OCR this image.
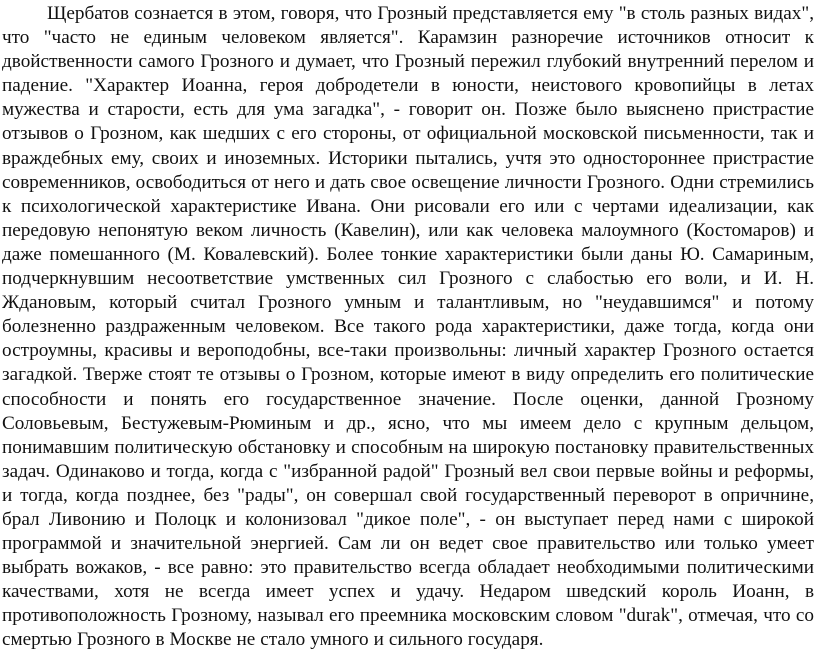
Щербатов сознается в этом, говоря, что Грозный представляется ему "в столь разных видах", что "часто не единым человеком является". Карамзин разноречие источников относит к двойственности самого Грозного и думает, что Грозный пережил глубокий внутренний перелом и падение. "Характер Иоанна, героя добродетели в юности, неистового кровопийцы в летах мужества и старости, есть для ума загадка", - говорит он. Позже было выяснено пристрастие отзывов о Грозном, как шедших с его стороны, от официальной московской письменности, так и враждебных ему, своих и иноземных. Историки пытались, учтя это одностороннее пристрастие современников, освободиться от него и дать свое освещение личности Грозного. Одни стремились к психологической характеристике Ивана. Они рисовали его или с чертами идеализации, как передовую непонятую веком личность (Кавелин), или как человека малоумного (Костомаров) и даже помешанного (М. Ковалевский). Более тонкие характеристики были даны Ю. Самариным, подчеркнувшим несоответствие умственных сил Грозного с слабостью его воли, и И. Н. Ждановым, который считал Грозного умным и талантливым, но "неудавшимся" и потому болезненно раздраженным человеком. Все такого рода характеристики, даже тогда, когда они остроумны, красивы и вероподобны, все-таки произвольны: личный характер Грозного остается загадкой. Тверже стоят те отзывы о Грозном, которые имеют в виду определить его политические способности и понять его государственное значение. После оценки, данной Грозному Соловьевым, Бестужевым-Рюминым и др., ясно, что мы имеем дело с крупным дельцом, понимавшим политическую обстановку и способным на широкую постановку правительственных задач. Одинаково и тогда, когда с "избранной радой" Грозный вел свои первые войны и реформы, и тогда, когда позднее, без "рады", он совершал свой государственный переворот в опричнине, брал Ливонию и Полоцк и колонизовал "дикое поле", - он выступает перед нами с широкой программой и значительной энергией. Сам ли он ведет свое правительство или только умеет выбрать вожаков, - все равно: это правительство всегда обладает необходимыми политическими качествами, хотя не всегда имеет успех и удачу. Недаром шведский король Иоанн, в противоположность Грозному, называл его преемника московским словом "durak", отмечая, что со смертью Грозного в Москве не стало умного и сильного государя.
